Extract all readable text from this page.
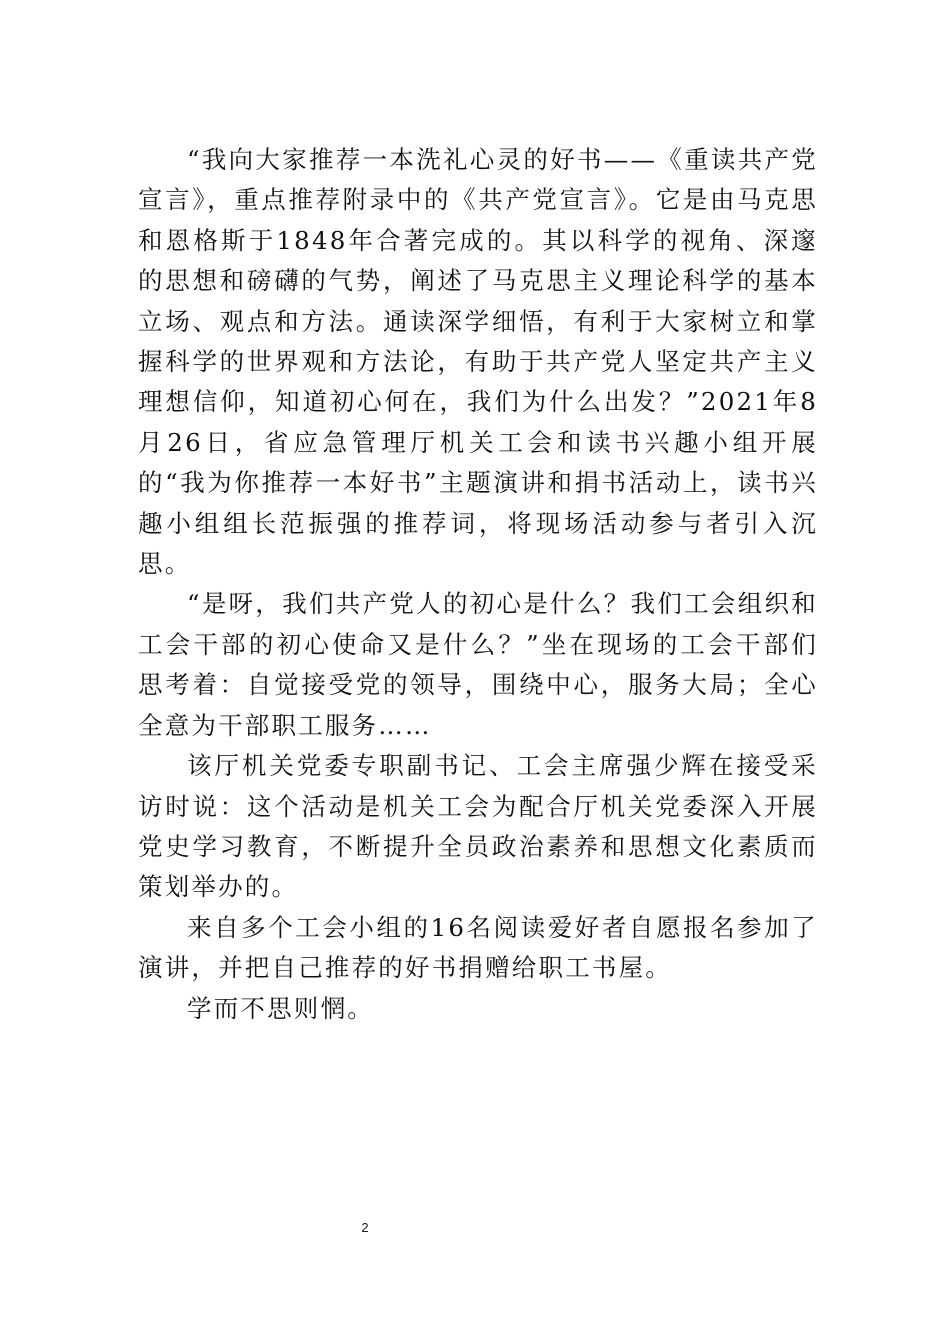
“我向大家推荐一本洗礼心灵的好书——《重读共产党宣言》，重点推荐附录中的《共产党宣言》。它是由马克思和恩格斯于1848年合著完成的。其以科学的视角、深邃的思想和磅礴的气势，阐述了马克思主义理论科学的基本立场、观点和方法。通读深学细悟，有利于大家树立和掌握科学的世界观和方法论，有助于共产党人坚定共产主义理想信仰，知道初心何在，我们为什么出发？”2021年8月26日，省应急管理厅机关工会和读书兴趣小组开展的“我为你推荐一本好书”主题演讲和捐书活动上，读书兴趣小组组长范振强的推荐词，将现场活动参与者引入沉思。

“是呀，我们共产党人的初心是什么？我们工会组织和工会干部的初心使命又是什么？”坐在现场的工会干部们思考着：自觉接受党的领导，围绕中心，服务大局；全心全意为干部职工服务……

该厅机关党委专职副书记、工会主席强少辉在接受采访时说：这个活动是机关工会为配合厅机关党委深入开展党史学习教育，不断提升全员政治素养和思想文化素质而策划举办的。

来自多个工会小组的16名阅读爱好者自愿报名参加了演讲，并把自己推荐的好书捐赠给职工书屋。

学而不思则惘。

2
